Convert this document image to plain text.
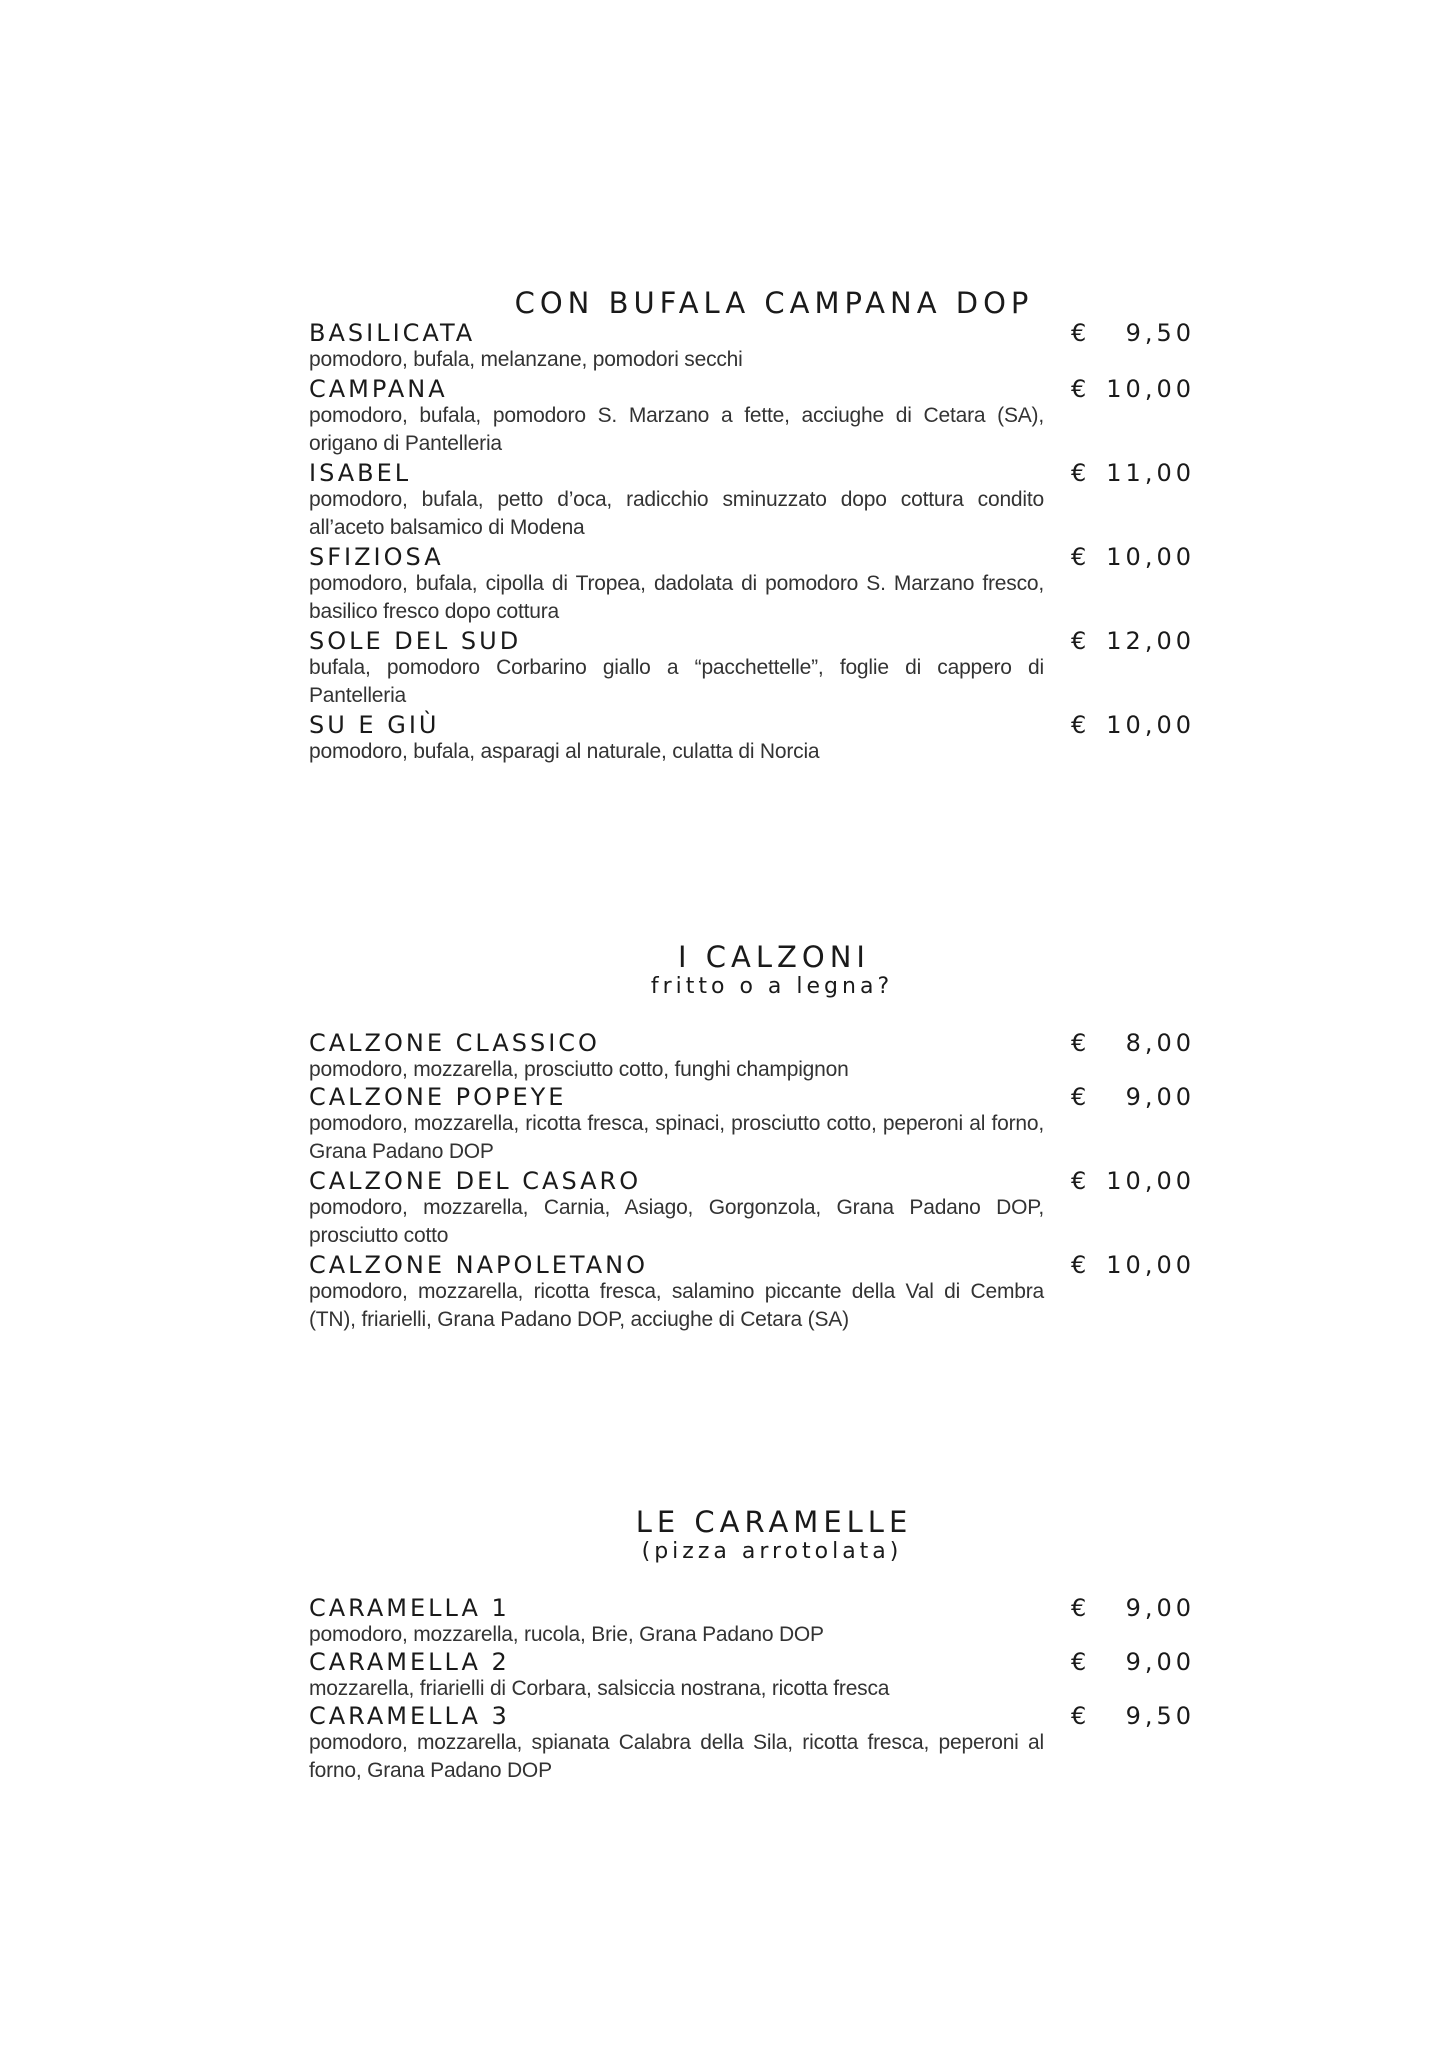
CON BUFALA CAMPANA DOP
BASILICATA	€ 9,50
pomodoro, bufala, melanzane, pomodori secchi
CAMPANA	€ 10,00
pomodoro, bufala, pomodoro S. Marzano a fette, acciughe di Cetara (SA), origano di Pantelleria
ISABEL	€ 11,00
pomodoro, bufala, petto d’oca, radicchio sminuzzato dopo cottura condito all’aceto balsamico di Modena
SFIZIOSA	€ 10,00
pomodoro, bufala, cipolla di Tropea, dadolata di pomodoro S. Marzano fresco, basilico fresco dopo cottura
SOLE DEL SUD	€ 12,00
bufala, pomodoro Corbarino giallo a “pacchettelle”, foglie di cappero di Pantelleria
SU E GIÙ	€ 10,00
pomodoro, bufala, asparagi al naturale, culatta di Norcia
I CALZONI
fritto o a legna?
CALZONE CLASSICO	€ 8,00
pomodoro, mozzarella, prosciutto cotto, funghi champignon
CALZONE POPEYE	€ 9,00
pomodoro, mozzarella, ricotta fresca, spinaci, prosciutto cotto, peperoni al forno, Grana Padano DOP
CALZONE DEL CASARO	€ 10,00
pomodoro, mozzarella, Carnia, Asiago, Gorgonzola, Grana Padano DOP, prosciutto cotto
CALZONE NAPOLETANO	€ 10,00
pomodoro, mozzarella, ricotta fresca, salamino piccante della Val di Cembra (TN), friarielli, Grana Padano DOP, acciughe di Cetara (SA)
LE CARAMELLE
(pizza arrotolata)
CARAMELLA 1	€ 9,00
pomodoro, mozzarella, rucola, Brie, Grana Padano DOP
CARAMELLA 2	€ 9,00
mozzarella, friarielli di Corbara, salsiccia nostrana, ricotta fresca
CARAMELLA 3	€ 9,50
pomodoro, mozzarella, spianata Calabra della Sila, ricotta fresca, peperoni al forno, Grana Padano DOP
